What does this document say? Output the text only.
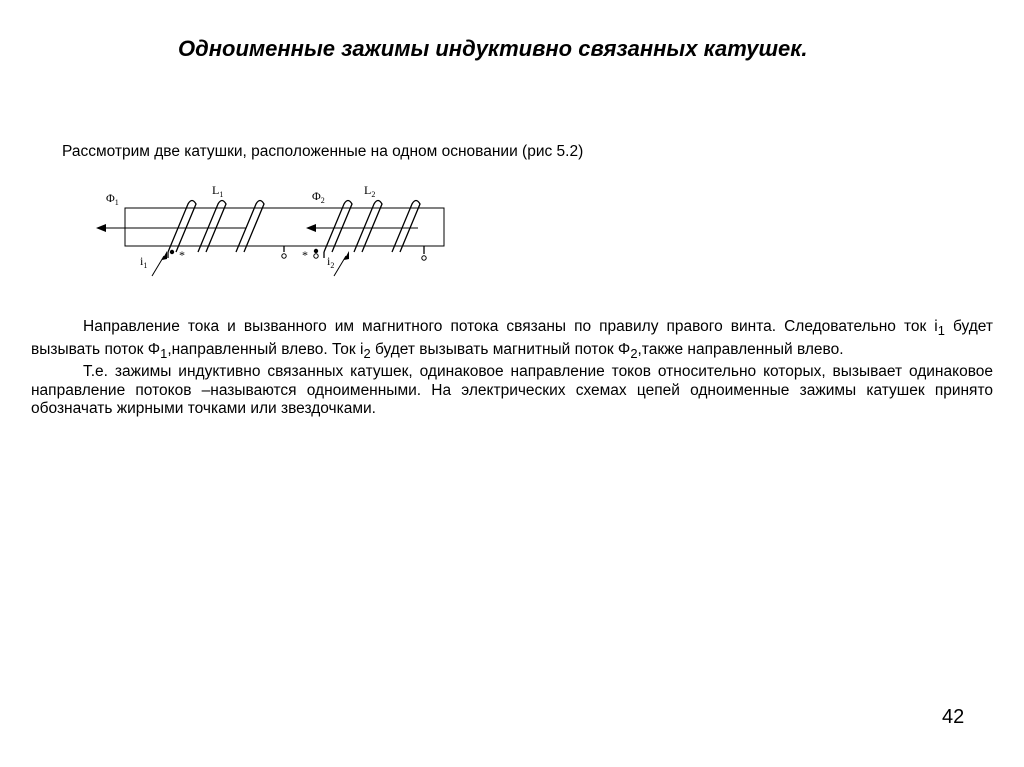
Одноименные зажимы индуктивно связанных катушек.

Рассмотрим две катушки, расположенные на одном основании (рис 5.2)

$\Phi_1$
$L_1$	$\Phi_2$
$L_2$
$i_1$	$i_2$
*	*

Направление тока и вызванного им магнитного потока связаны по правилу правого винта. Следовательно ток $i_1$ будет вызывать поток $\Phi_1,направленный$ влево. Ток $i_2$ будет вызывать магнитный поток $\Phi_2,также$ направленный влево.

Т.е. зажимы индуктивно связанных катушек, одинаковое направление токов относительно которых, вызывает одинаковое направление потоков –называются одноименными. На электрических схемах цепей одноименные зажимы катушек принято обозначать жирными точками или звездочками.

42
